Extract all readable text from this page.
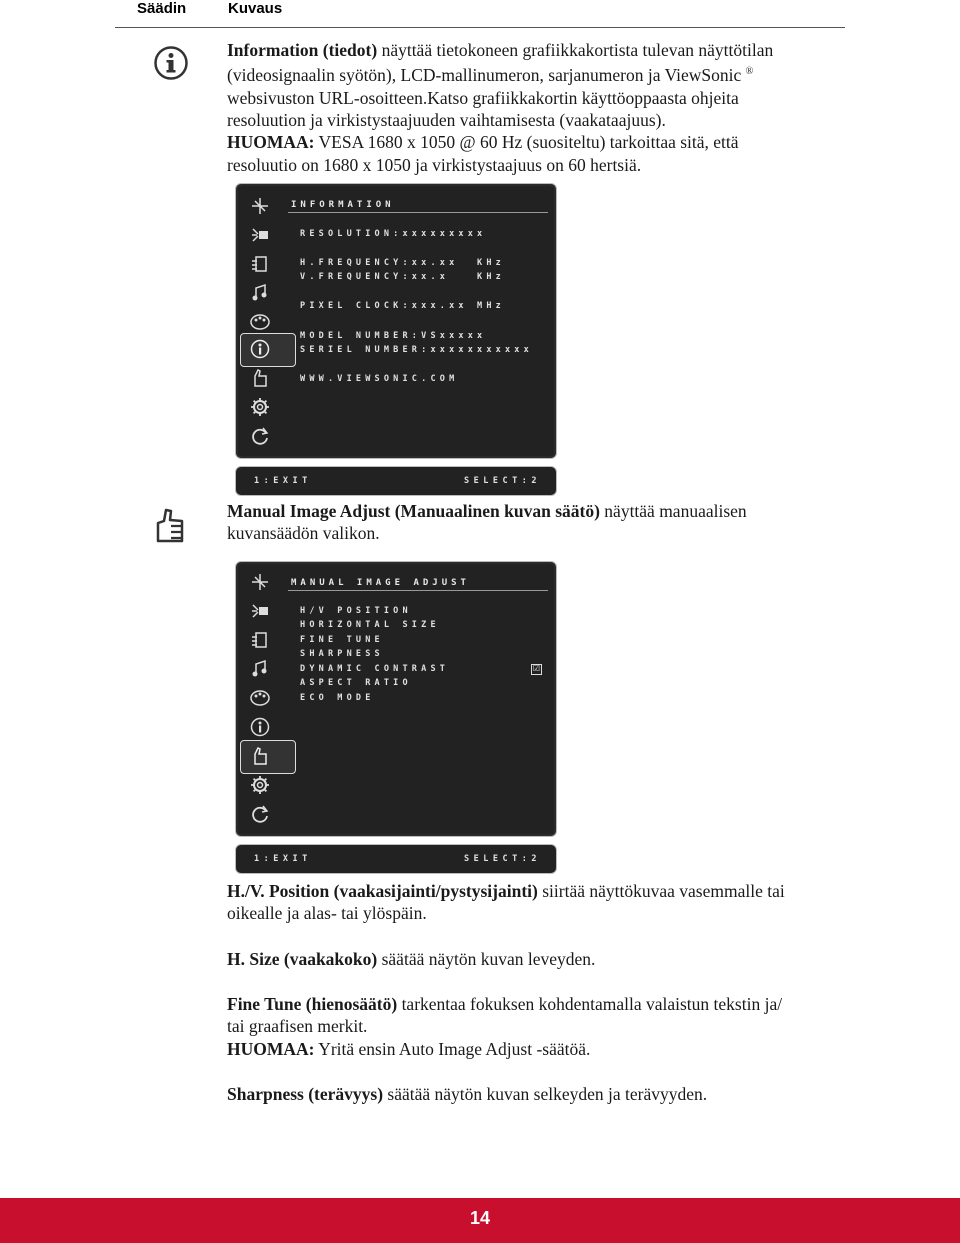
Säädin	Kuvaus
Information (tiedot) näyttää tietokoneen grafiikkakortista tulevan näyttötilan
(videosignaalin syötön), LCD-mallinumeron, sarjanumeron ja ViewSonic ®
websivuston URL-osoitteen.Katso grafiikkakortin käyttöoppaasta ohjeita
resoluution ja virkistystaajuuden vaihtamisesta (vaakataajuus).
HUOMAA: VESA 1680 x 1050 @ 60 Hz (suositeltu) tarkoittaa sitä, että
resoluutio on 1680 x 1050 ja virkistystaajuus on 60 hertsiä.
INFORMATION
RESOLUTION:xxxxxxxxx
H.FREQUENCY:xx.xx  KHz
V.FREQUENCY:xx.x   KHz
PIXEL CLOCK:xxx.xx MHz
MODEL NUMBER:VSxxxxx
SERIEL NUMBER:xxxxxxxxxxx
WWW.VIEWSONIC.COM
1:EXIT	SELECT:2
Manual Image Adjust (Manuaalinen kuvan säätö) näyttää manuaalisen
kuvansäädön valikon.
MANUAL IMAGE ADJUST
H/V POSITION
HORIZONTAL SIZE
FINE TUNE
SHARPNESS
DYNAMIC CONTRAST	☑
ASPECT RATIO
ECO MODE
1:EXIT	SELECT:2
H./V. Position (vaakasijainti/pystysijainti) siirtää näyttökuvaa vasemmalle tai
oikealle ja alas- tai ylöspäin.
H. Size (vaakakoko) säätää näytön kuvan leveyden.
Fine Tune (hienosäätö) tarkentaa fokuksen kohdentamalla valaistun tekstin ja/
tai graafisen merkit.
HUOMAA: Yritä ensin Auto Image Adjust -säätöä.
Sharpness (terävyys) säätää näytön kuvan selkeyden ja terävyyden.
14
